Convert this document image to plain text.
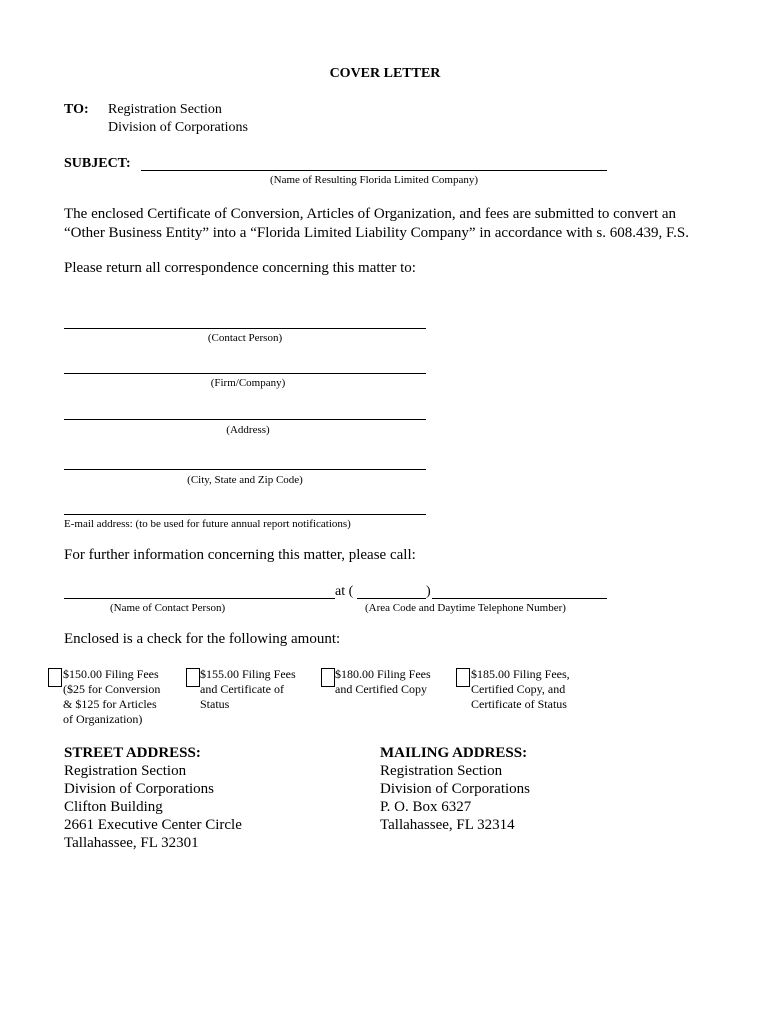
COVER LETTER
TO: Registration Section
Division of Corporations
SUBJECT:
(Name of Resulting Florida Limited Company)
The enclosed Certificate of Conversion, Articles of Organization, and fees are submitted to convert an
“Other Business Entity” into a “Florida Limited Liability Company” in accordance with s. 608.439, F.S.
Please return all correspondence concerning this matter to:
(Contact Person)
(Firm/Company)
(Address)
(City, State and Zip Code)
E-mail address: (to be used for future annual report notifications)
For further information concerning this matter, please call:
at (	)
(Name of Contact Person)	(Area Code and Daytime Telephone Number)
Enclosed is a check for the following amount:
$150.00 Filing Fees
($25 for Conversion
& $125 for Articles
of Organization)
$155.00 Filing Fees
and Certificate of
Status
$180.00 Filing Fees
and Certified Copy
$185.00 Filing Fees,
Certified Copy, and
Certificate of Status
STREET ADDRESS:
Registration Section
Division of Corporations
Clifton Building
2661 Executive Center Circle
Tallahassee, FL 32301
MAILING ADDRESS:
Registration Section
Division of Corporations
P. O. Box 6327
Tallahassee, FL 32314
